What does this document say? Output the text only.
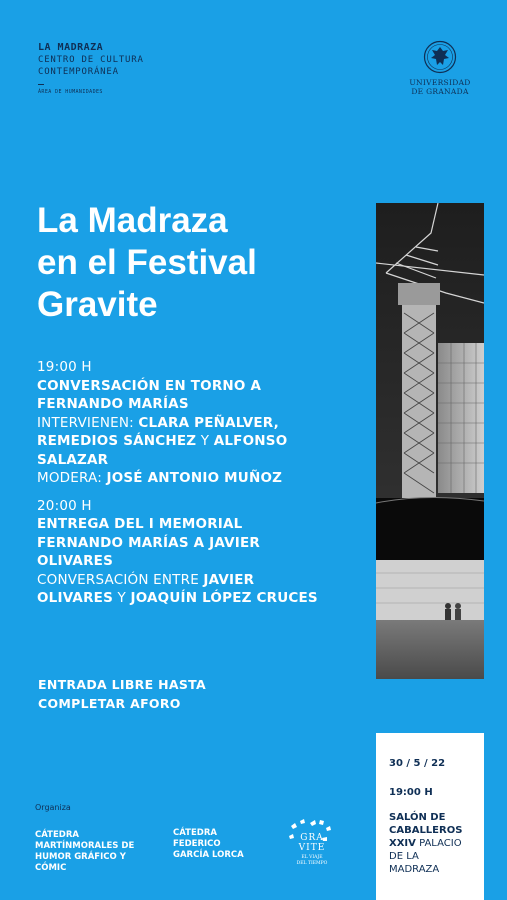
LA MADRAZA
CENTRO DE CULTURA
CONTEMPORÁNEA
ÁREA DE HUMANIDADES
UNIVERSIDAD
DE GRANADA
La Madraza
en el Festival
Gravite
19:00 H
CONVERSACIÓN EN TORNO A
FERNANDO MARÍAS
INTERVIENEN: CLARA PEÑALVER,
REMEDIOS SÁNCHEZ Y ALFONSO
SALAZAR
MODERA: JOSÉ ANTONIO MUÑOZ
20:00 H
ENTREGA DEL I MEMORIAL
FERNANDO MARÍAS A JAVIER
OLIVARES
CONVERSACIÓN ENTRE JAVIER
OLIVARES Y JOAQUÍN LÓPEZ CRUCES
ENTRADA LIBRE HASTA
COMPLETAR AFORO
30 / 5 / 22
19:00 H
SALÓN DE
CABALLEROS
XXIV PALACIO
DE LA
MADRAZA
Organiza
CÁTEDRA
MARTÍNMORALES DE
HUMOR GRÁFICO Y
CÓMIC
CÁTEDRA
FEDERICO
GARCÍA LORCA
GRA
VITE
EL VIAJE
DEL TIEMPO
